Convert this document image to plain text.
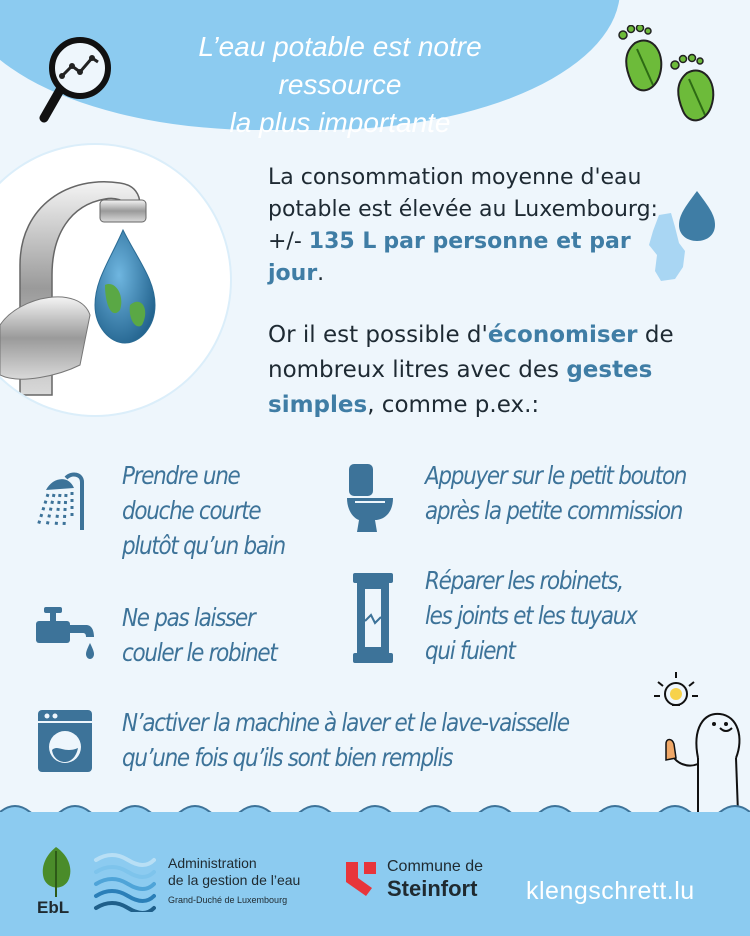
L’eau potable est notre ressource
la plus importante

La consommation moyenne d'eau potable est élevée au Luxembourg: +/- 135 L par personne et par jour.

Or il est possible d'économiser de nombreux litres avec des gestes simples, comme p.ex.:

Prendre une
douche courte
plutôt qu’un bain
Appuyer sur le petit bouton
après la petite commission
Ne pas laisser
couler le robinet
Réparer les robinets,
les joints et les tuyaux
qui fuient
N’activer la machine à laver et le lave-vaisselle
qu’une fois qu’ils sont bien remplis
EbL
Administration
de la gestion de l’eau
Grand-Duché de Luxembourg
Commune de
Steinfort klengschrett.lu
